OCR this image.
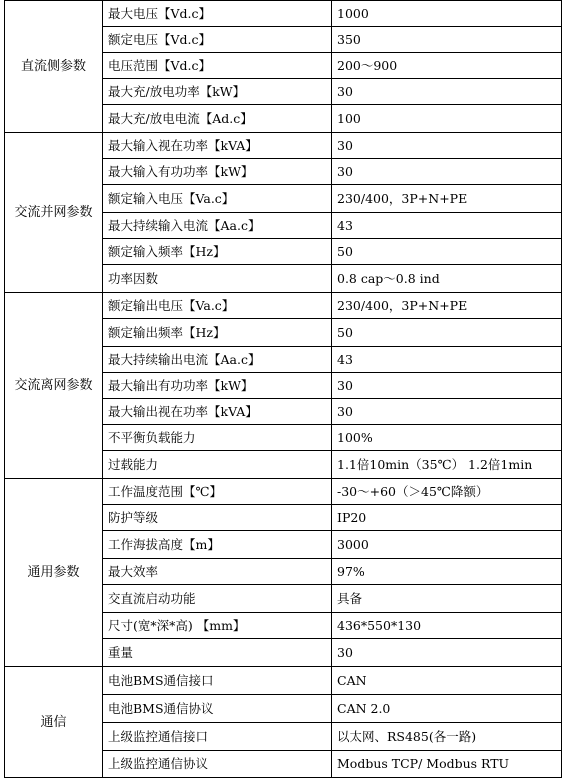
直流侧参数	最大电压【Vd.c】	1000
	额定电压【Vd.c】	350
	电压范围【Vd.c】	200～900
	最大充/放电功率【kW】	30
	最大充/放电电流【Ad.c】	100
交流并网参数	最大输入视在功率【kVA】	30
	最大输入有功功率【kW】	30
	额定输入电压【Va.c】	230/400，3P+N+PE
	最大持续输入电流【Aa.c】	43
	额定输入频率【Hz】	50
	功率因数	0.8 cap～0.8 ind
交流离网参数	额定输出电压【Va.c】	230/400，3P+N+PE
	额定输出频率【Hz】	50
	最大持续输出电流【Aa.c】	43
	最大输出有功功率【kW】	30
	最大输出视在功率【kVA】	30
	不平衡负载能力	100%
	过载能力	1.1倍10min（35℃） 1.2倍1min
通用参数	工作温度范围【℃】	-30～+60（＞45℃降额）
	防护等级	IP20
	工作海拔高度【m】	3000
	最大效率	97%
	交直流启动功能	具备
	尺寸(宽*深*高) 【mm】	436*550*130
	重量	30
通信	电池BMS通信接口	CAN
	电池BMS通信协议	CAN 2.0
	上级监控通信接口	以太网、RS485(各一路)
	上级监控通信协议	Modbus TCP/ Modbus RTU
